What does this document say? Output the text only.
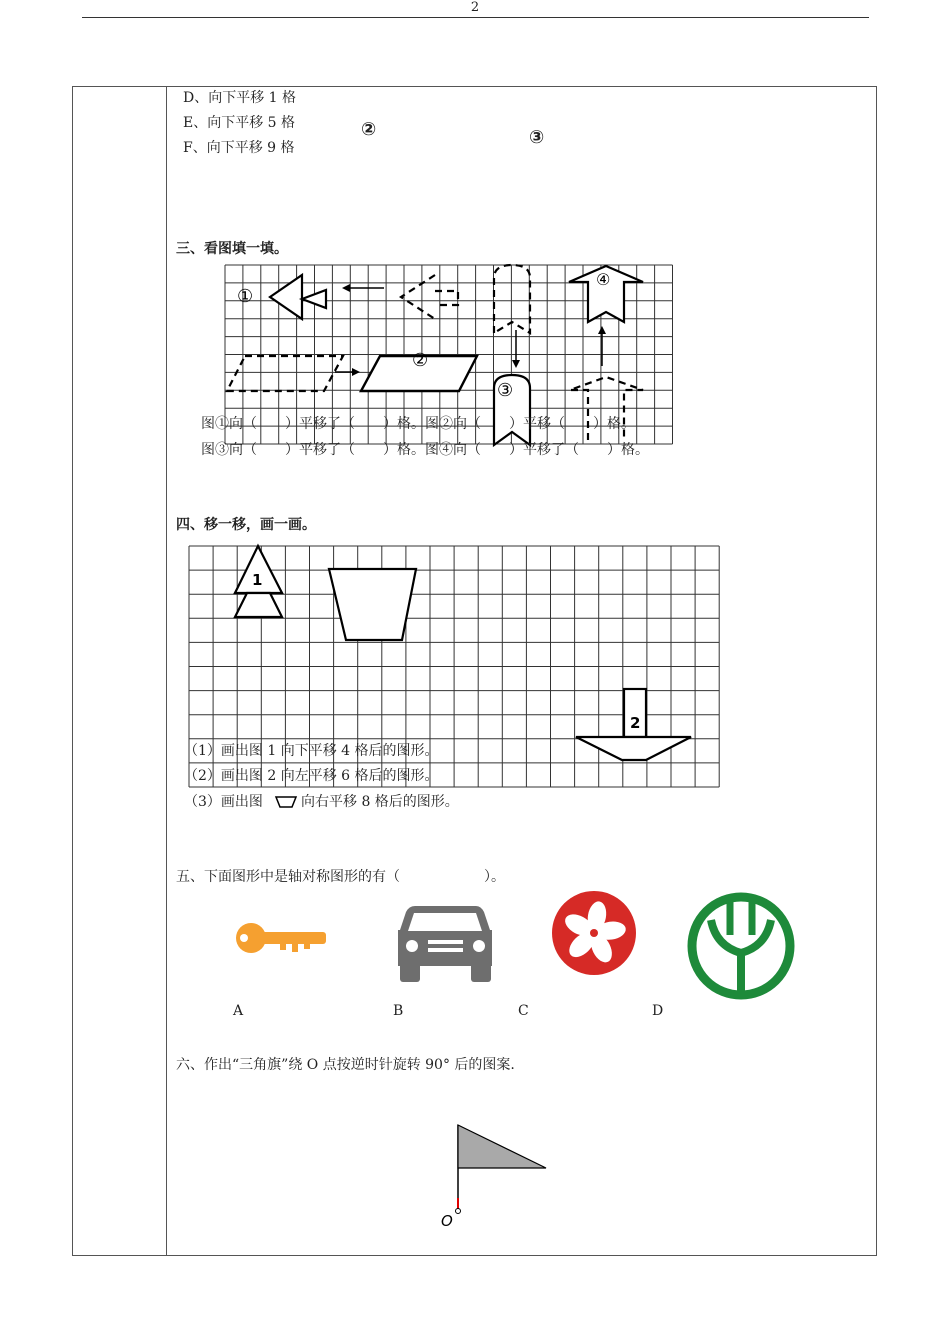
2
D、向下平移 1 格
E、向下平移 5 格
F、向下平移 9 格
②	③
三、看图填一填。
①
②
③
④
图①向（　　）平移了（　　）格。图②向（　　）平移（　　）格。
图③向（　　）平移了（　　）格。图④向（　　）平移了（　　）格。
四、移一移，画一画。
1
2
（1）画出图 1 向下平移 4 格后的图形。
（2）画出图 2 向左平移 6 格后的图形。
（3）画出图	向右平移 8 格后的图形。
五、下面图形中是轴对称图形的有（　　　　　　）。
A	B	C	D
六、作出“三角旗”绕 O 点按逆时针旋转 90° 后的图案.
O
